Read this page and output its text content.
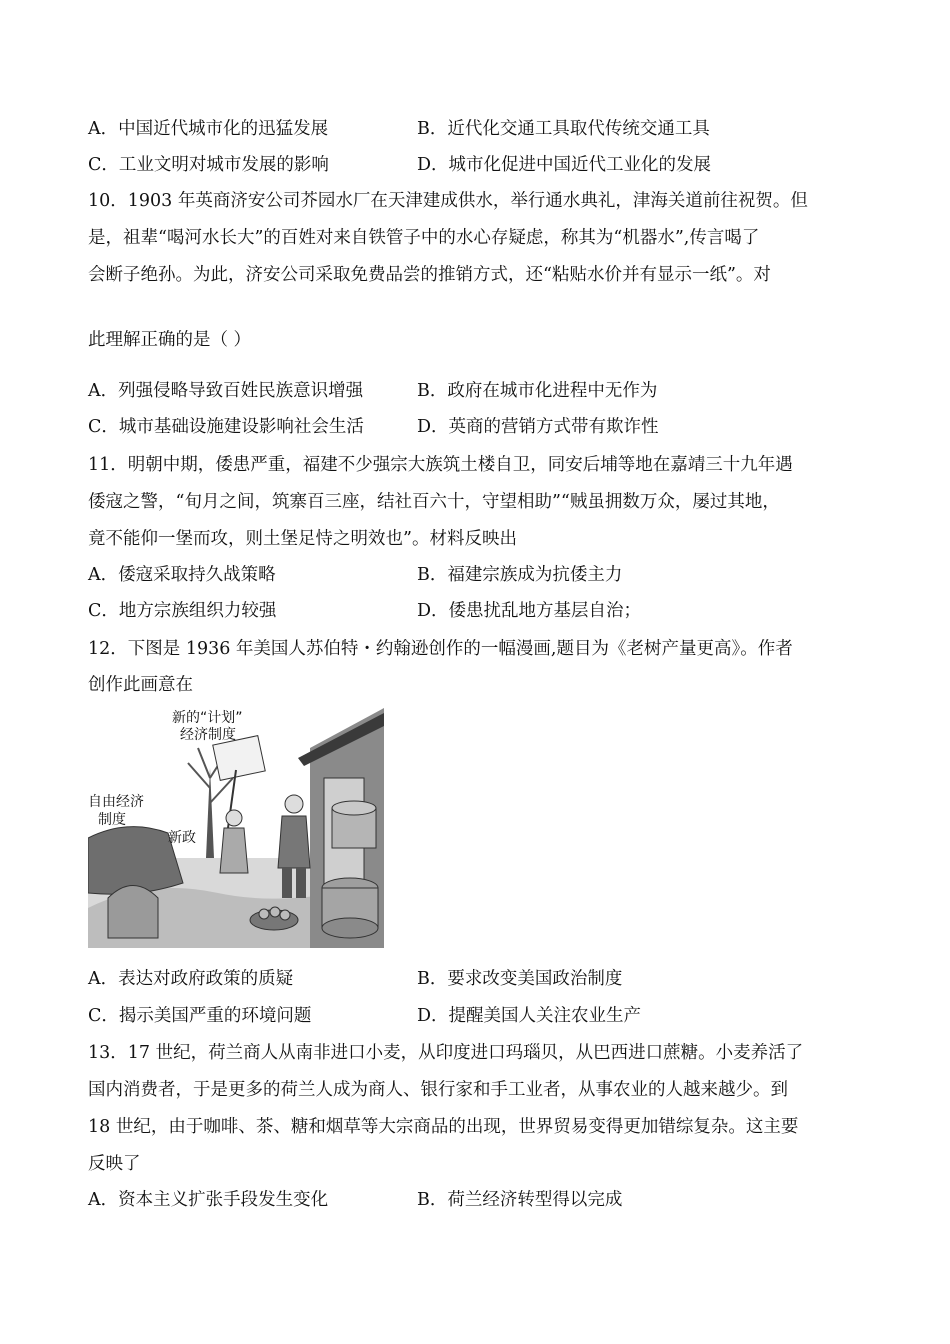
A．中国近代城市化的迅猛发展	B．近代化交通工具取代传统交通工具
C．工业文明对城市发展的影响	D．城市化促进中国近代工业化的发展
10．1903 年英商济安公司芥园水厂在天津建成供水，举行通水典礼，津海关道前往祝贺。但
是，祖辈“喝河水长大”的百姓对来自铁管子中的水心存疑虑，称其为“机器水”,传言喝了
会断子绝孙。为此，济安公司采取免费品尝的推销方式，还“粘贴水价并有显示一纸”。对
此理解正确的是（ ）
A．列强侵略导致百姓民族意识增强	B．政府在城市化进程中无作为
C．城市基础设施建设影响社会生活	D．英商的营销方式带有欺诈性
11．明朝中期，倭患严重，福建不少强宗大族筑土楼自卫，同安后埔等地在嘉靖三十九年遇
倭寇之警，“旬月之间，筑寨百三座，结社百六十，守望相助”“贼虽拥数万众，屡过其地，
竟不能仰一堡而攻，则土堡足恃之明效也”。材料反映出
A．倭寇采取持久战策略	B．福建宗族成为抗倭主力
C．地方宗族组织力较强	D．倭患扰乱地方基层自治；
12．下图是 1936 年美国人苏伯特・约翰逊创作的一幅漫画,题目为《老树产量更高》。作者
创作此画意在
新的“计划”
经济制度
自由经济
制度
新政
A．表达对政府政策的质疑	B．要求改变美国政治制度
C．揭示美国严重的环境问题	D．提醒美国人关注农业生产
13．17 世纪，荷兰商人从南非进口小麦，从印度进口玛瑙贝，从巴西进口蔗糖。小麦养活了
国内消费者，于是更多的荷兰人成为商人、银行家和手工业者，从事农业的人越来越少。到
18 世纪，由于咖啡、茶、糖和烟草等大宗商品的出现，世界贸易变得更加错综复杂。这主要
反映了
A．资本主义扩张手段发生变化	B．荷兰经济转型得以完成
